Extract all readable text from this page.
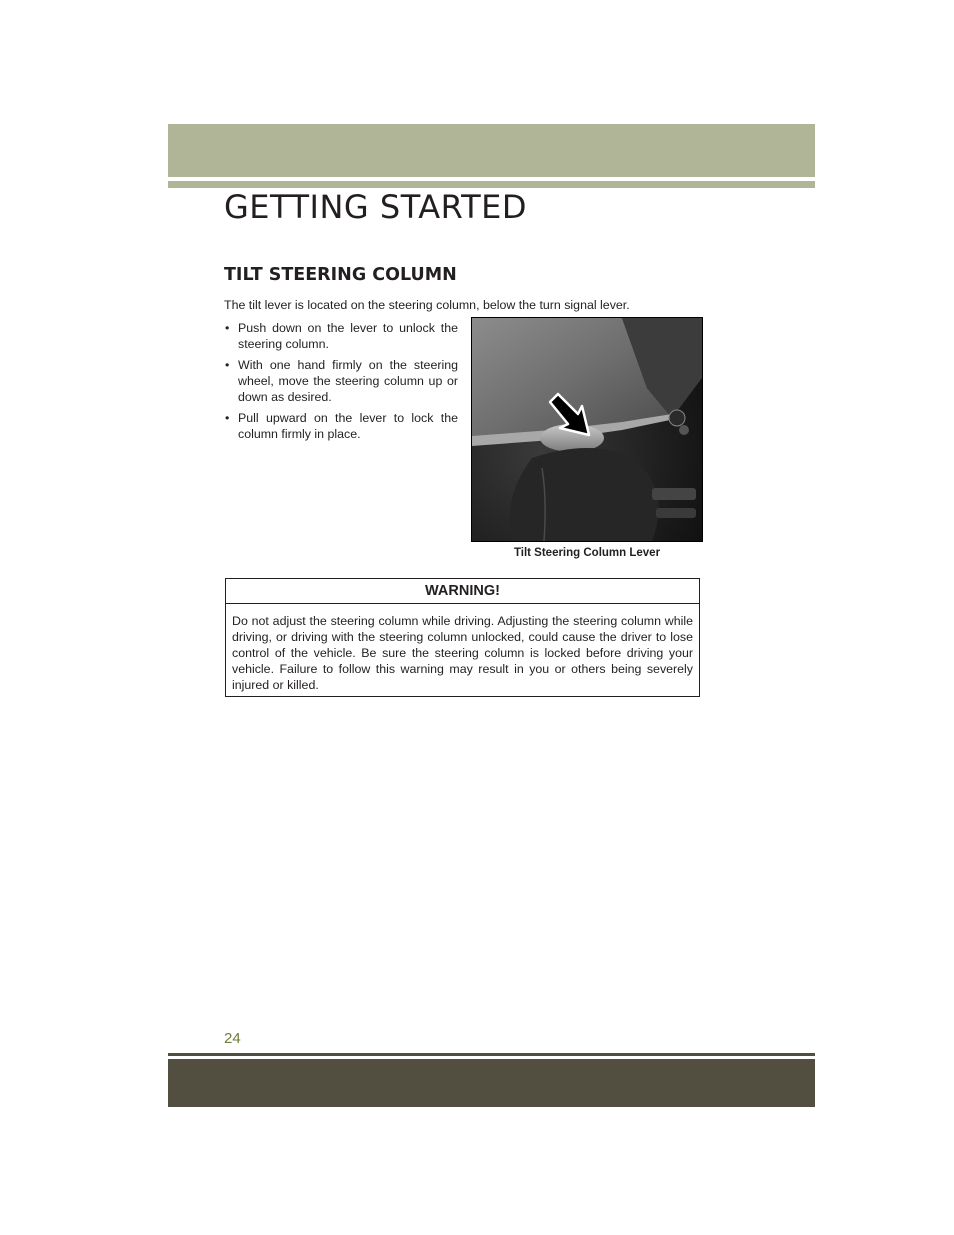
GETTING STARTED
TILT STEERING COLUMN

The tilt lever is located on the steering column, below the turn signal lever.

• Push down on the lever to unlock the steering column.
• With one hand firmly on the steering wheel, move the steering column up or down as desired.
• Pull upward on the lever to lock the column firmly in place.

Tilt Steering Column Lever

WARNING!

Do not adjust the steering column while driving. Adjusting the steering column while driving, or driving with the steering column unlocked, could cause the driver to lose control of the vehicle. Be sure the steering column is locked before driving your vehicle. Failure to follow this warning may result in you or others being severely injured or killed.

24
